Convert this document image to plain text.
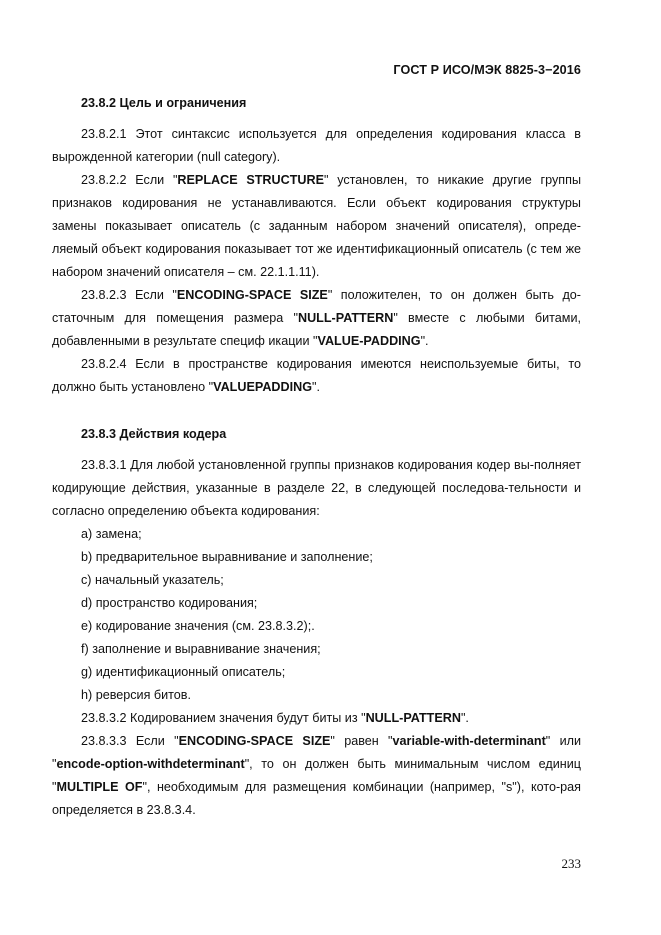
ГОСТ Р ИСО/МЭК 8825-3−2016
23.8.2 Цель и ограничения

23.8.2.1 Этот синтаксис используется для определения кодирования класса в вырожденной категории (null category).

23.8.2.2 Если "REPLACE STRUCTURE" установлен, то никакие другие группы признаков кодирования не устанавливаются. Если объект кодирования структуры замены показывает описатель (с заданным набором значений описателя), опреде-ляемый объект кодирования показывает тот же идентификационный описатель (с тем же набором значений описателя – см. 22.1.1.11).

23.8.2.3 Если "ENCODING-SPACE SIZE" положителен, то он должен быть до-статочным для помещения размера "NULL-PATTERN" вместе с любыми битами, добавленными в результате специф икации "VALUE-PADDING".

23.8.2.4 Если в пространстве кодирования имеются неиспользуемые биты, то должно быть установлено "VALUEPADDING".

23.8.3 Действия кодера

23.8.3.1 Для любой установленной группы признаков кодирования кодер вы-полняет кодирующие действия, указанные в разделе 22, в следующей последова-тельности и согласно определению объекта кодирования:

a) замена;
b) предварительное выравнивание и заполнение;
c) начальный указатель;
d) пространство кодирования;
e) кодирование значения (см. 23.8.3.2);.
f) заполнение и выравнивание значения;
g) идентификационный описатель;
h) реверсия битов.

23.8.3.2 Кодированием значения будут биты из "NULL-PATTERN".

23.8.3.3 Если "ENCODING-SPACE SIZE" равен "variable-with-determinant" или "encode-option-withdeterminant", то он должен быть минимальным числом единиц "MULTIPLE OF", необходимым для размещения комбинации (например, "s"), кото-рая определяется в 23.8.3.4.

233
